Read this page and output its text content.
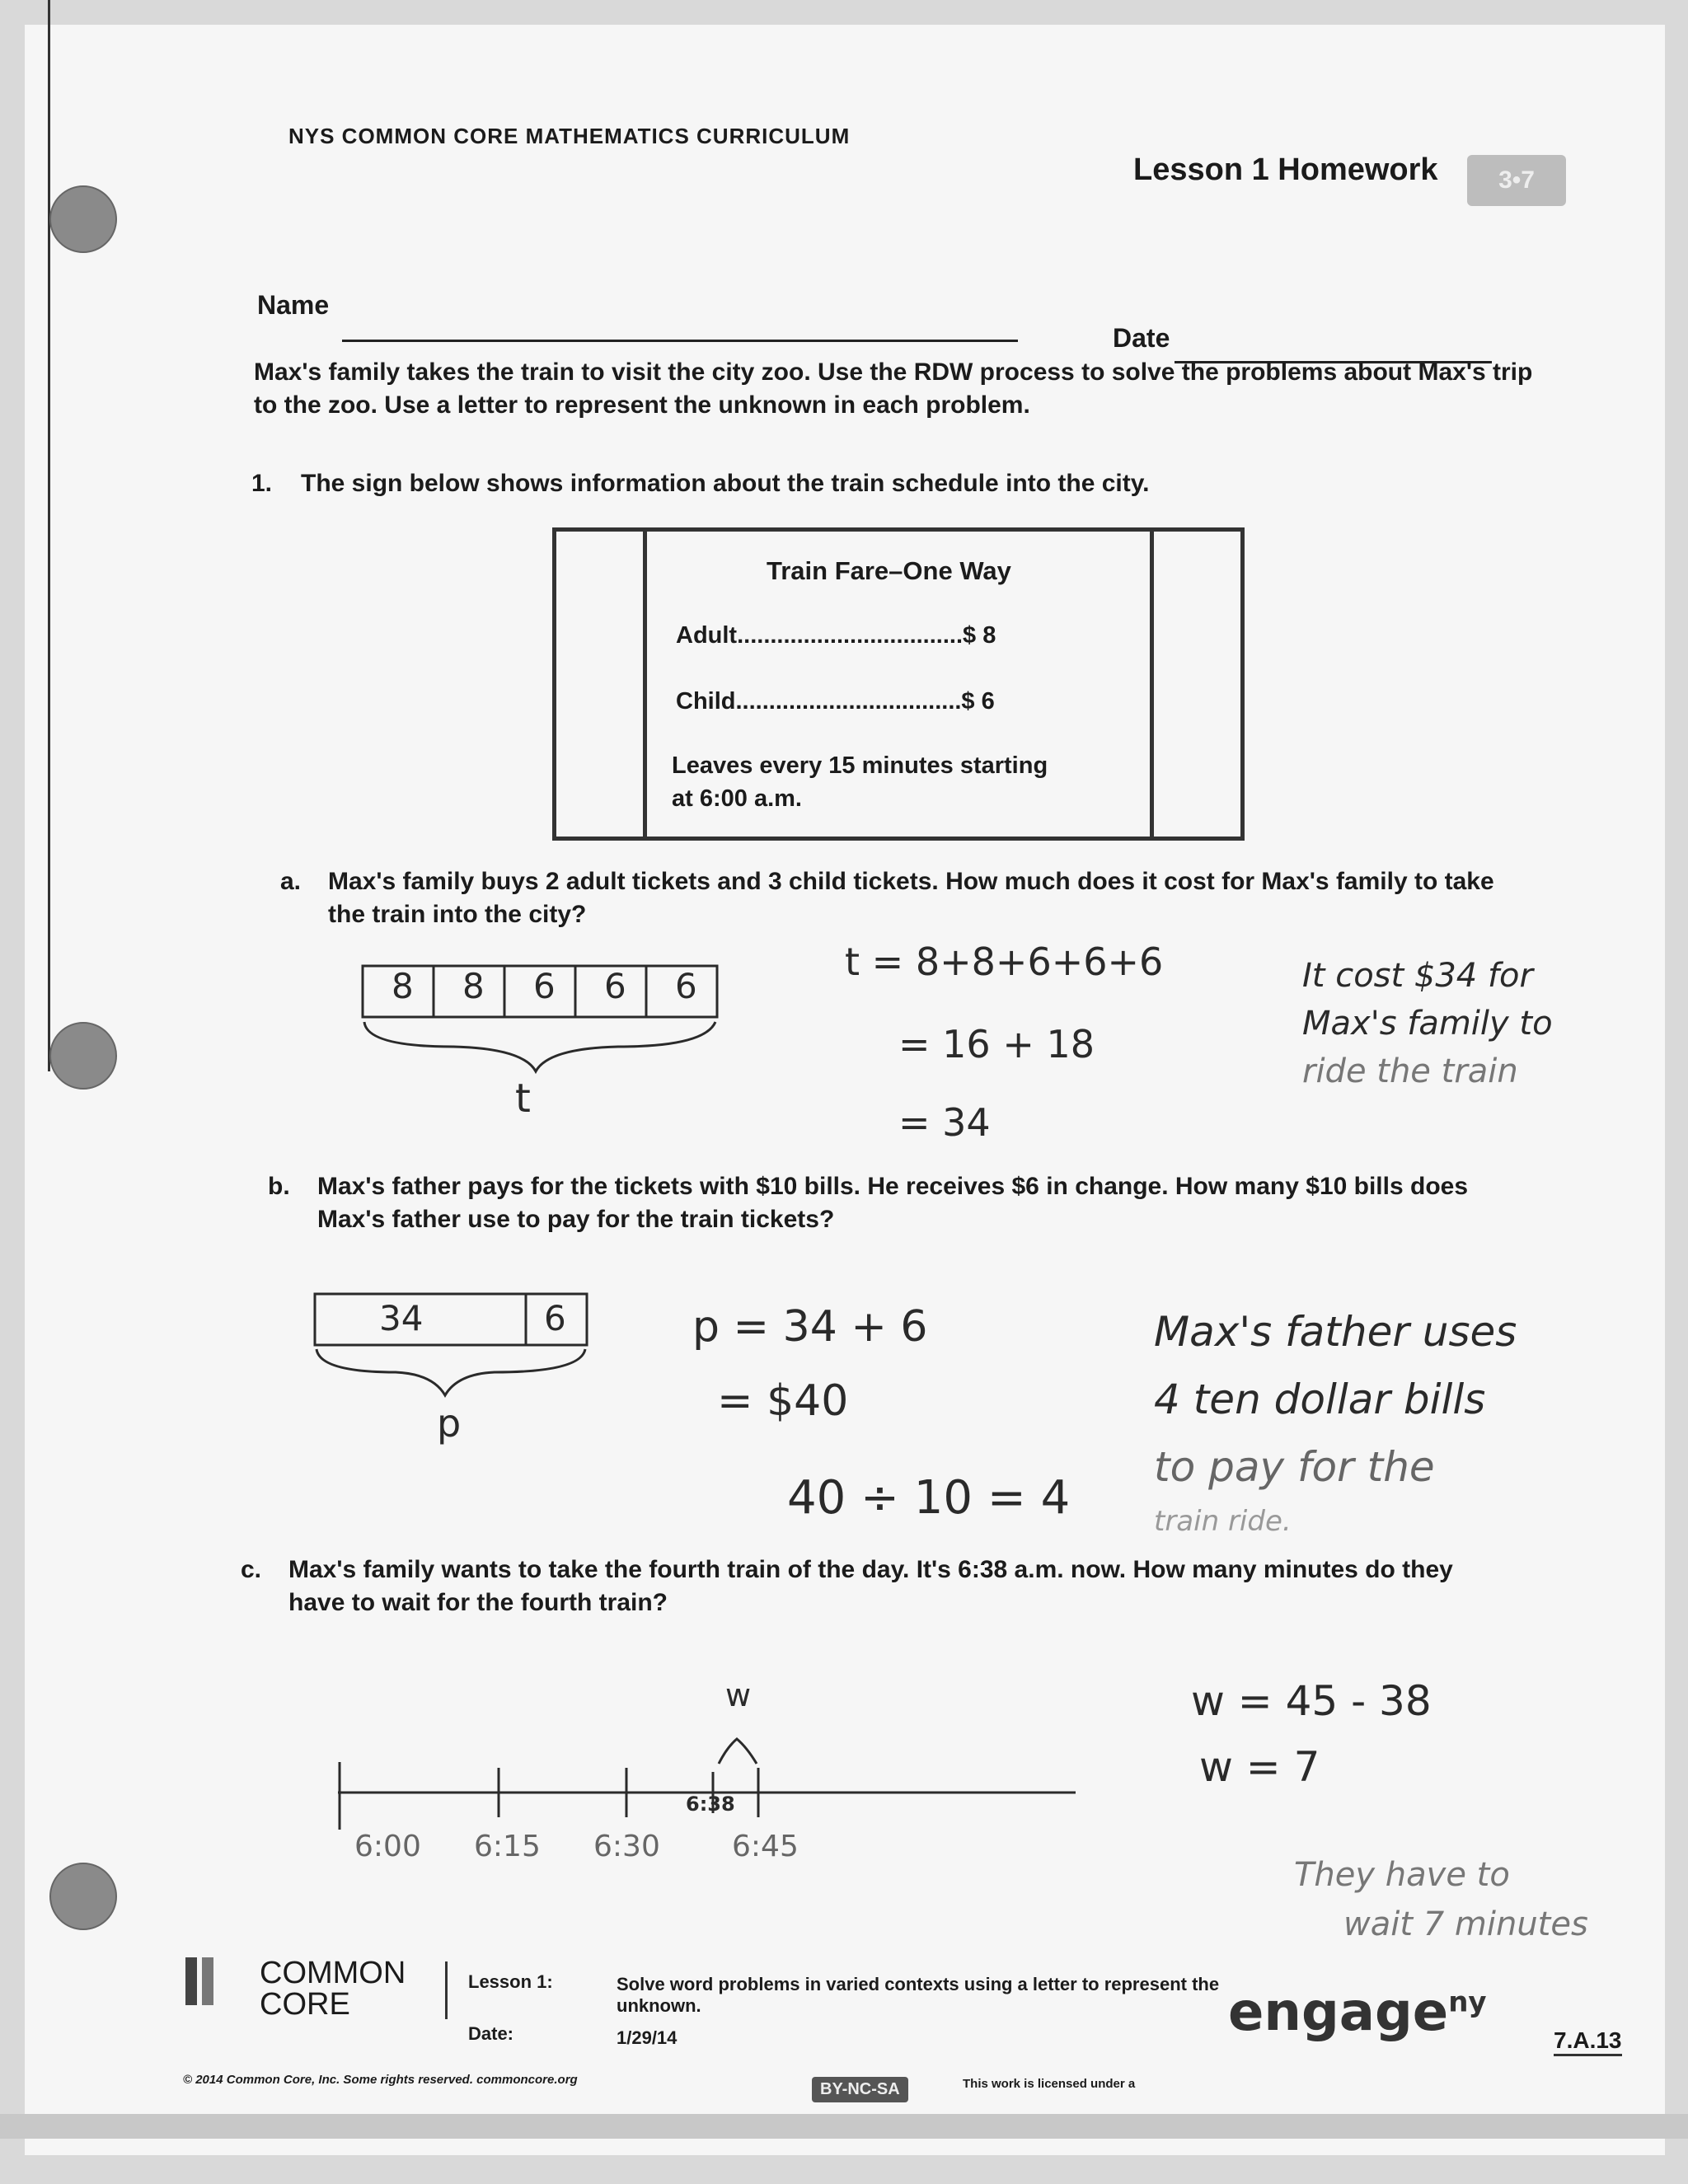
NYS COMMON CORE MATHEMATICS CURRICULUM
Lesson 1 Homework	3•7
Name
Date
Max's family takes the train to visit the city zoo. Use the RDW process to solve the problems about Max's trip
to the zoo. Use a letter to represent the unknown in each problem.
1. The sign below shows information about the train schedule into the city.
Train Fare–One Way
Adult..................................$ 8
Child..................................$ 6
Leaves every 15 minutes starting
at 6:00 a.m.
a. Max's family buys 2 adult tickets and 3 child tickets. How much does it cost for Max's family to take
the train into the city?
8 8 6 6 6
t
t = 8+8+6+6+6
= 16 + 18
= 34
It cost $34 for
Max's family to
ride the train
b. Max's father pays for the tickets with $10 bills. He receives $6 in change. How many $10 bills does
Max's father use to pay for the train tickets?
34	6
p
p = 34 + 6
= $40
40 ÷ 10 = 4
Max's father uses
4 ten dollar bills
to pay for the
train ride.
c. Max's family wants to take the fourth train of the day. It's 6:38 a.m. now. How many minutes do they
have to wait for the fourth train?
w
6:38
6:00 6:15 6:30 6:45
w = 45 - 38
w = 7
They have to
wait 7 minutes
COMMON
CORE
Lesson 1:
Date:
Solve word problems in varied contexts using a letter to represent the
unknown.
1/29/14	engage$^{ny}$
7.A.13
© 2014 Common Core, Inc. Some rights reserved. commoncore.org
BY-NC-SA	This work is licensed under a
